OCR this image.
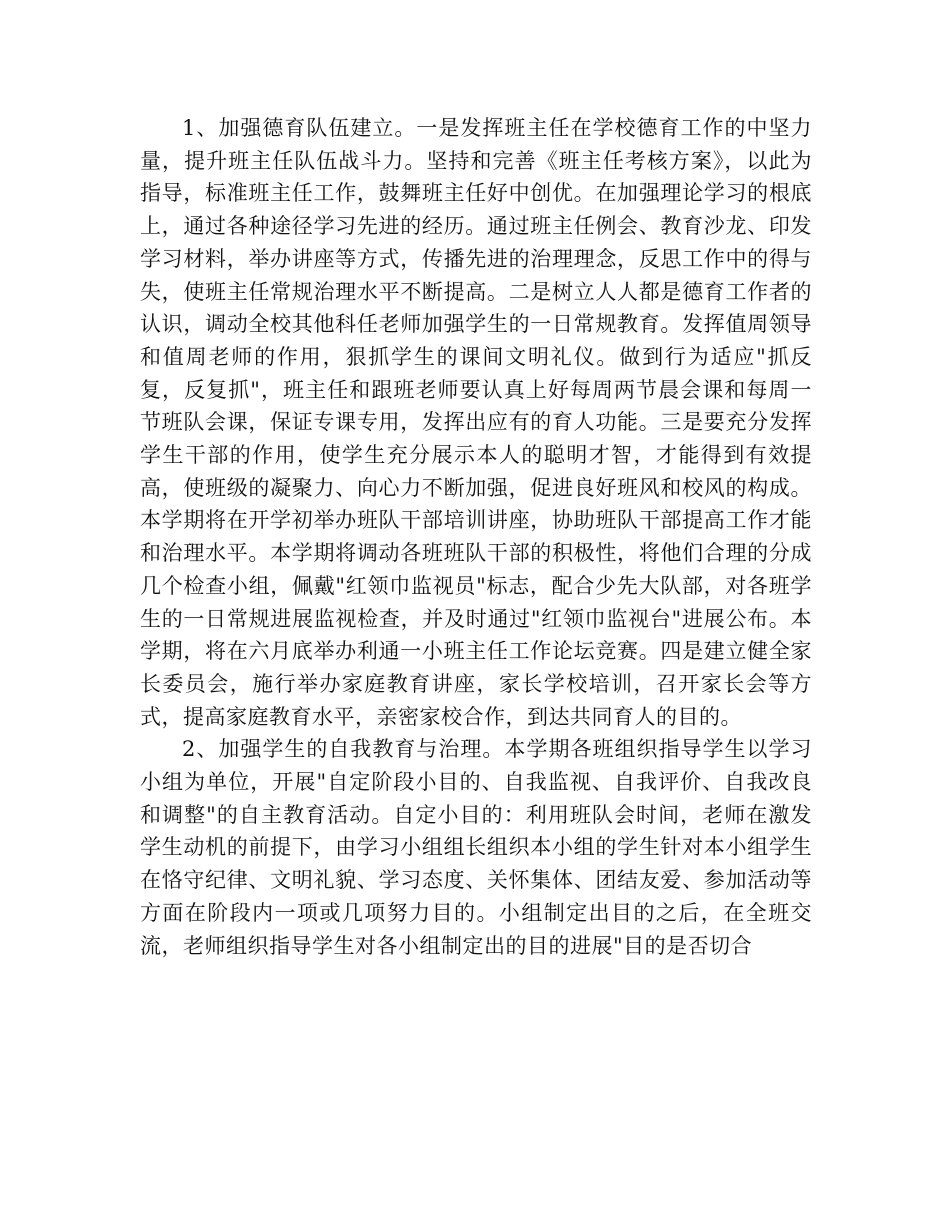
1、加强德育队伍建立。一是发挥班主任在学校德育工作的中坚力量，提升班主任队伍战斗力。坚持和完善《班主任考核方案》，以此为指导，标准班主任工作，鼓舞班主任好中创优。在加强理论学习的根底上，通过各种途径学习先进的经历。通过班主任例会、教育沙龙、印发学习材料，举办讲座等方式，传播先进的治理理念，反思工作中的得与失，使班主任常规治理水平不断提高。二是树立人人都是德育工作者的认识，调动全校其他科任老师加强学生的一日常规教育。发挥值周领导和值周老师的作用，狠抓学生的课间文明礼仪。做到行为适应"抓反复，反复抓"，班主任和跟班老师要认真上好每周两节晨会课和每周一节班队会课，保证专课专用，发挥出应有的育人功能。三是要充分发挥学生干部的作用，使学生充分展示本人的聪明才智，才能得到有效提高，使班级的凝聚力、向心力不断加强，促进良好班风和校风的构成。本学期将在开学初举办班队干部培训讲座，协助班队干部提高工作才能和治理水平。本学期将调动各班班队干部的积极性，将他们合理的分成几个检查小组，佩戴"红领巾监视员"标志，配合少先大队部，对各班学生的一日常规进展监视检查，并及时通过"红领巾监视台"进展公布。本学期，将在六月底举办利通一小班主任工作论坛竞赛。四是建立健全家长委员会，施行举办家庭教育讲座，家长学校培训，召开家长会等方式，提高家庭教育水平，亲密家校合作，到达共同育人的目的。

2、加强学生的自我教育与治理。本学期各班组织指导学生以学习小组为单位，开展"自定阶段小目的、自我监视、自我评价、自我改良和调整"的自主教育活动。自定小目的：利用班队会时间，老师在激发学生动机的前提下，由学习小组组长组织本小组的学生针对本小组学生在恪守纪律、文明礼貌、学习态度、关怀集体、团结友爱、参加活动等方面在阶段内一项或几项努力目的。小组制定出目的之后，在全班交流，老师组织指导学生对各小组制定出的目的进展"目的是否切合
